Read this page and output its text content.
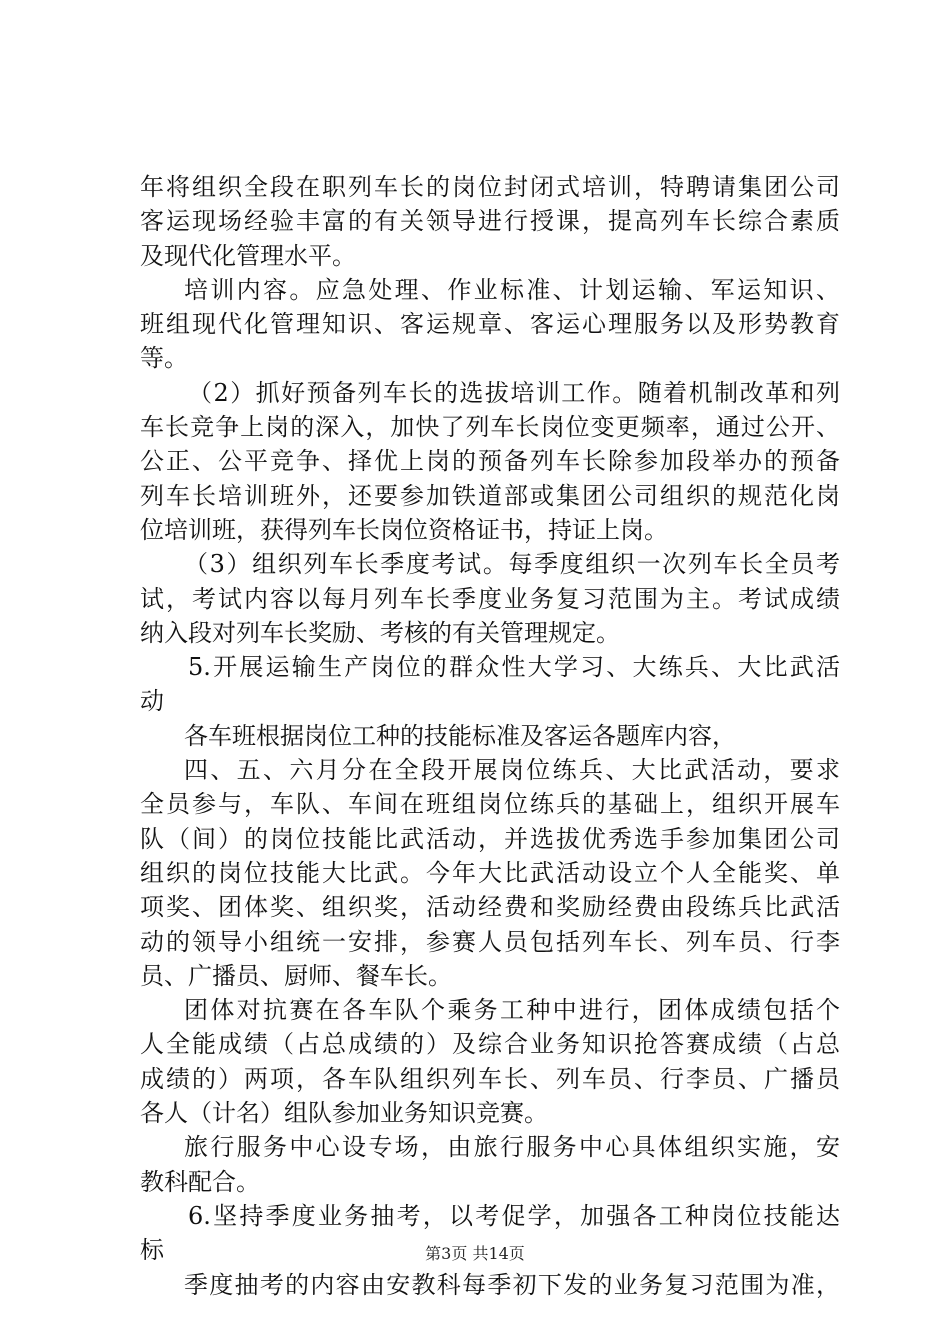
年将组织全段在职列车长的岗位封闭式培训，特聘请集团公司
客运现场经验丰富的有关领导进行授课，提高列车长综合素质
及现代化管理水平。
培训内容。应急处理、作业标准、计划运输、军运知识、
班组现代化管理知识、客运规章、客运心理服务以及形势教育
等。
（2）抓好预备列车长的选拔培训工作。随着机制改革和列
车长竞争上岗的深入，加快了列车长岗位变更频率，通过公开、
公正、公平竞争、择优上岗的预备列车长除参加段举办的预备
列车长培训班外，还要参加铁道部或集团公司组织的规范化岗
位培训班，获得列车长岗位资格证书，持证上岗。
（3）组织列车长季度考试。每季度组织一次列车长全员考
试，考试内容以每月列车长季度业务复习范围为主。考试成绩
纳入段对列车长奖励、考核的有关管理规定。
5.开展运输生产岗位的群众性大学习、大练兵、大比武活
动
各车班根据岗位工种的技能标准及客运各题库内容，
四、五、六月分在全段开展岗位练兵、大比武活动，要求
全员参与，车队、车间在班组岗位练兵的基础上，组织开展车
队（间）的岗位技能比武活动，并选拔优秀选手参加集团公司
组织的岗位技能大比武。今年大比武活动设立个人全能奖、单
项奖、团体奖、组织奖，活动经费和奖励经费由段练兵比武活
动的领导小组统一安排，参赛人员包括列车长、列车员、行李
员、广播员、厨师、餐车长。
团体对抗赛在各车队个乘务工种中进行，团体成绩包括个
人全能成绩（占总成绩的）及综合业务知识抢答赛成绩（占总
成绩的）两项，各车队组织列车长、列车员、行李员、广播员
各人（计名）组队参加业务知识竞赛。
旅行服务中心设专场，由旅行服务中心具体组织实施，安
教科配合。
6.坚持季度业务抽考，以考促学，加强各工种岗位技能达
标
季度抽考的内容由安教科每季初下发的业务复习范围为准，
第3页 共14页
